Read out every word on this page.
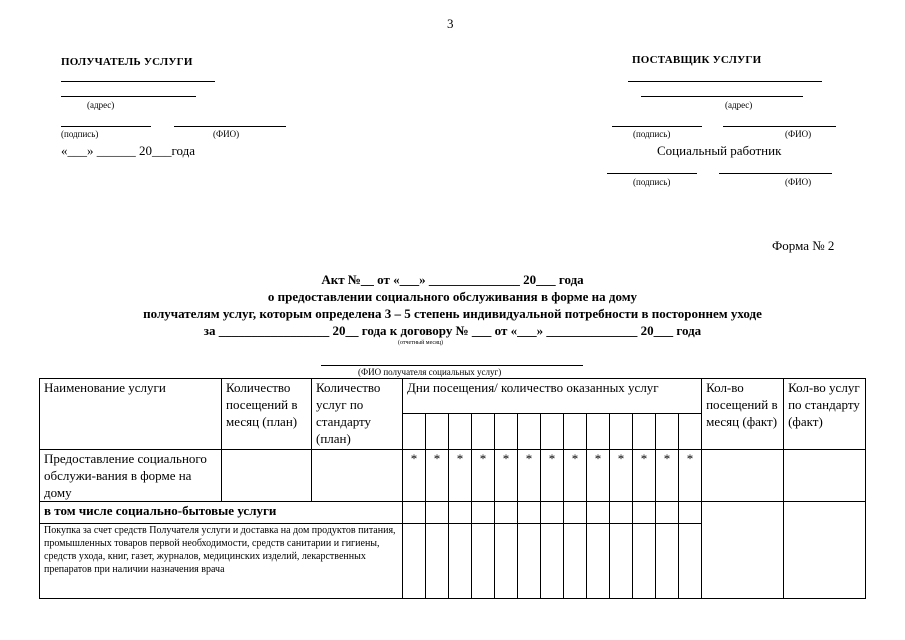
3
ПОЛУЧАТЕЛЬ УСЛУГИ
(адрес)
(подпись)	(ФИО)
«___» ______ 20___года
ПОСТАВЩИК УСЛУГИ
(адрес)
(подпись)	(ФИО)
Социальный работник
(подпись)	(ФИО)
Форма № 2
Акт №__ от «___» ______________ 20___ года
о предоставлении социального обслуживания в форме на дому
получателям услуг, которым определена 3 – 5 степень индивидуальной потребности в постороннем уходе
за _________________ 20__ года к договору № ___ от «___» ______________ 20___ года
(отчетный месяц)
(ФИО получателя социальных услуг)
Наименование услуги	Количество посещений в месяц (план)	Количество услуг по стандарту (план)	Дни посещения/ количество оказанных услуг													Кол-во посещений в месяц (факт)	Кол-во услуг по стандарту (факт)

Предоставление социального обслужи-вания в форме на дому			*	*	*	*	*	*	*	*	*	*	*	*	*		
в том числе социально-бытовые услуги																	
Покупка за счет средств Получателя услуги и доставка на дом продуктов питания, промышленных товаров первой необходимости, средств санитарии и гигиены, средств ухода, книг, газет, журналов, медицинских изделий, лекарственных препаратов при наличии назначения врача																	
